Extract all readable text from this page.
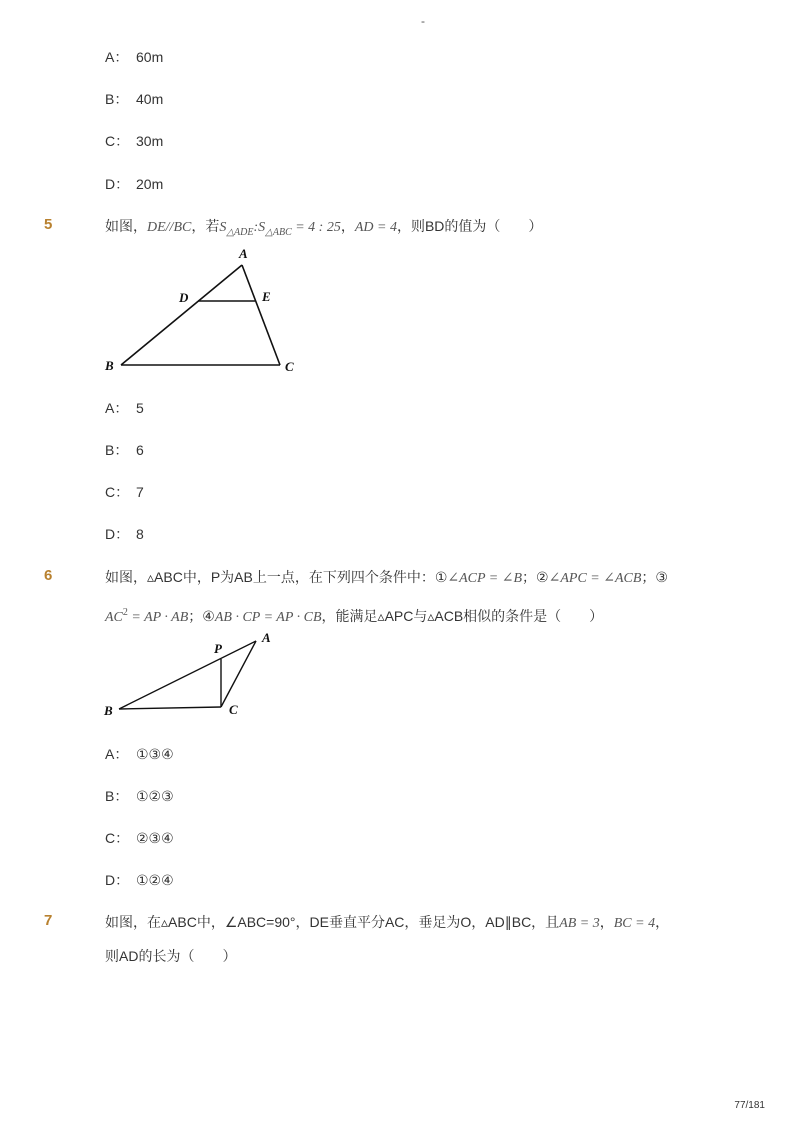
-
A： 60m
B： 40m
C： 30m
D： 20m
5	如图，DE//BC，若$S_{\triangle ADE}:S_{\triangle ABC} = 4$ : 25，AD = 4，则BD的值为（　　）
A
D	E
B	C
A： 5
B： 6
C： 7
D： 8
6	如图，▵ABC中，P为AB上一点，在下列四个条件中：①∠ACP = ∠B；②∠APC = ∠ACB；③
$AC^2$ = AP · AB；④AB · CP = AP · CB，能满足▵APC与▵ACB相似的条件是（　　）
P
A
B	C
A： ①③④
B： ①②③
C： ②③④
D： ①②④
7	如图，在▵ABC中，∠ABC=90°，DE垂直平分AC，垂足为O，AD∥BC，且AB = 3，BC = 4，
则AD的长为（　　）
77/181
